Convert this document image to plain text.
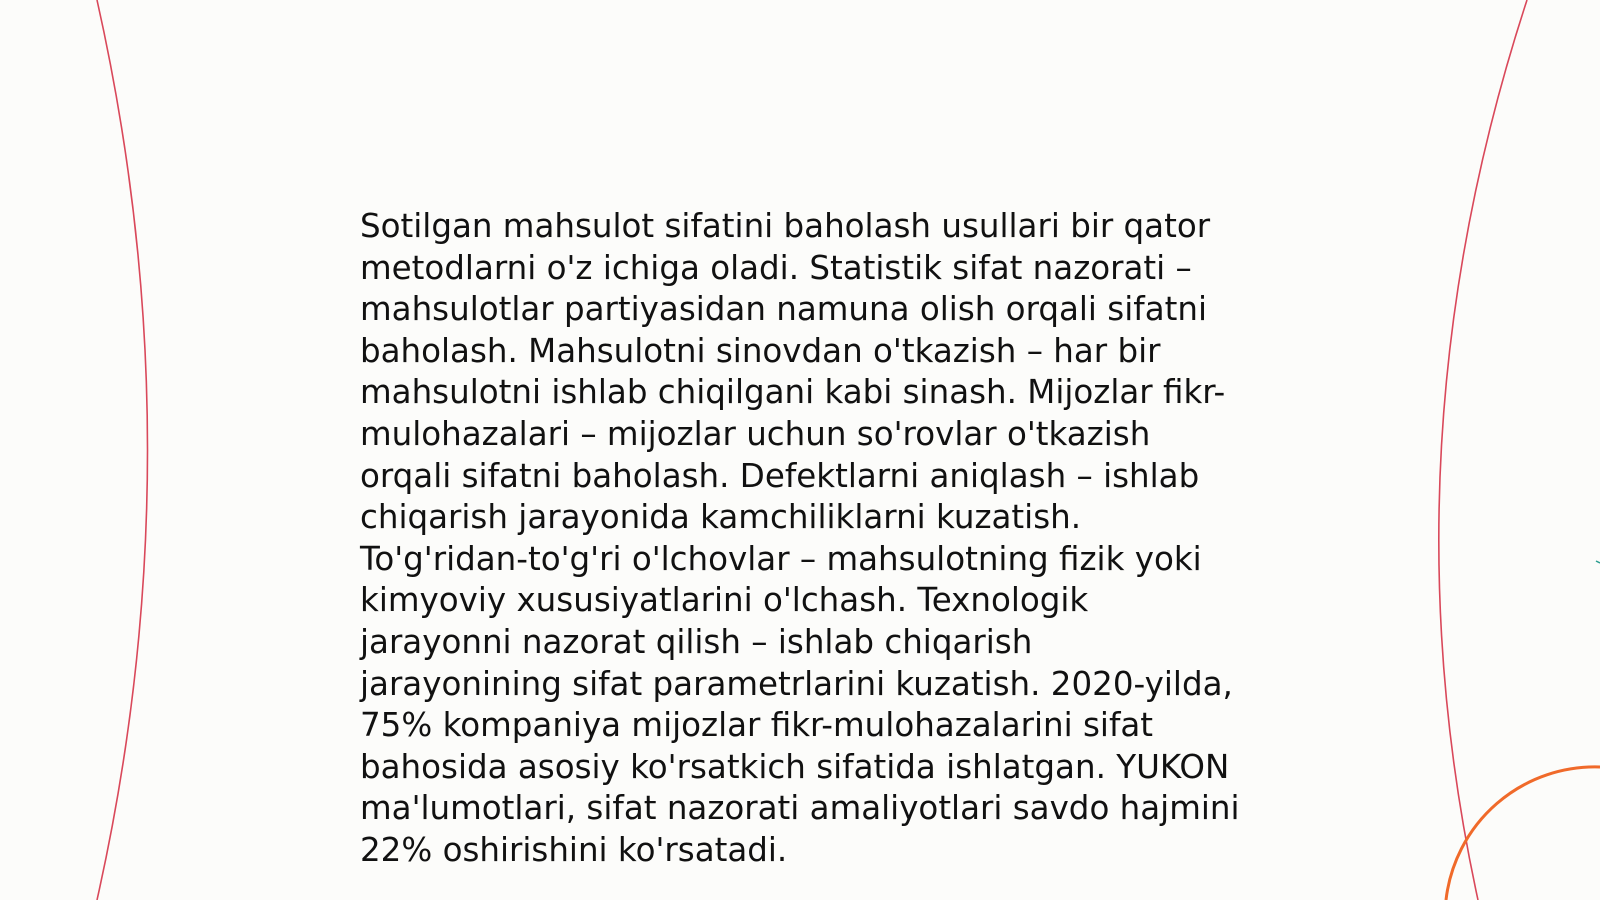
Sotilgan mahsulot sifatini baholash usullari bir qator
metodlarni o'z ichiga oladi. Statistik sifat nazorati –
mahsulotlar partiyasidan namuna olish orqali sifatni
baholash. Mahsulotni sinovdan o'tkazish – har bir
mahsulotni ishlab chiqilgani kabi sinash. Mijozlar fikr-
mulohazalari – mijozlar uchun so'rovlar o'tkazish
orqali sifatni baholash. Defektlarni aniqlash – ishlab
chiqarish jarayonida kamchiliklarni kuzatish.
To'g'ridan-to'g'ri o'lchovlar – mahsulotning fizik yoki
kimyoviy xususiyatlarini o'lchash. Texnologik
jarayonni nazorat qilish – ishlab chiqarish
jarayonining sifat parametrlarini kuzatish. 2020-yilda,
75% kompaniya mijozlar fikr-mulohazalarini sifat
bahosida asosiy ko'rsatkich sifatida ishlatgan. YUKON
ma'lumotlari, sifat nazorati amaliyotlari savdo hajmini
22% oshirishini ko'rsatadi.
